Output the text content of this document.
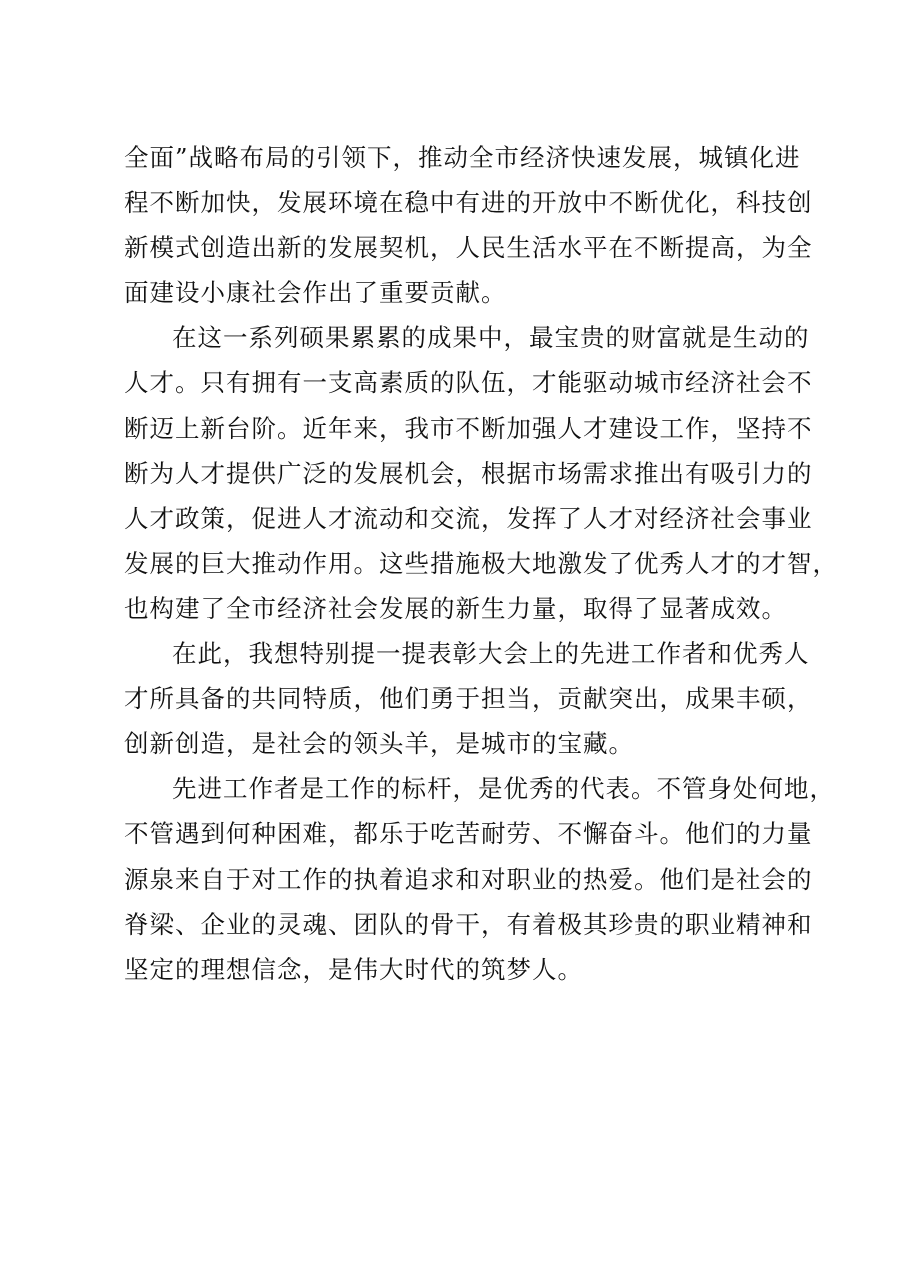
全面”战略布局的引领下，推动全市经济快速发展，城镇化进
程不断加快，发展环境在稳中有进的开放中不断优化，科技创
新模式创造出新的发展契机，人民生活水平在不断提高，为全
面建设小康社会作出了重要贡献。
在这一系列硕果累累的成果中，最宝贵的财富就是生动的
人才。只有拥有一支高素质的队伍，才能驱动城市经济社会不
断迈上新台阶。近年来，我市不断加强人才建设工作，坚持不
断为人才提供广泛的发展机会，根据市场需求推出有吸引力的
人才政策，促进人才流动和交流，发挥了人才对经济社会事业
发展的巨大推动作用。这些措施极大地激发了优秀人才的才智，
也构建了全市经济社会发展的新生力量，取得了显著成效。
在此，我想特别提一提表彰大会上的先进工作者和优秀人
才所具备的共同特质，他们勇于担当，贡献突出，成果丰硕，
创新创造，是社会的领头羊，是城市的宝藏。
先进工作者是工作的标杆，是优秀的代表。不管身处何地，
不管遇到何种困难，都乐于吃苦耐劳、不懈奋斗。他们的力量
源泉来自于对工作的执着追求和对职业的热爱。他们是社会的
脊梁、企业的灵魂、团队的骨干，有着极其珍贵的职业精神和
坚定的理想信念，是伟大时代的筑梦人。
